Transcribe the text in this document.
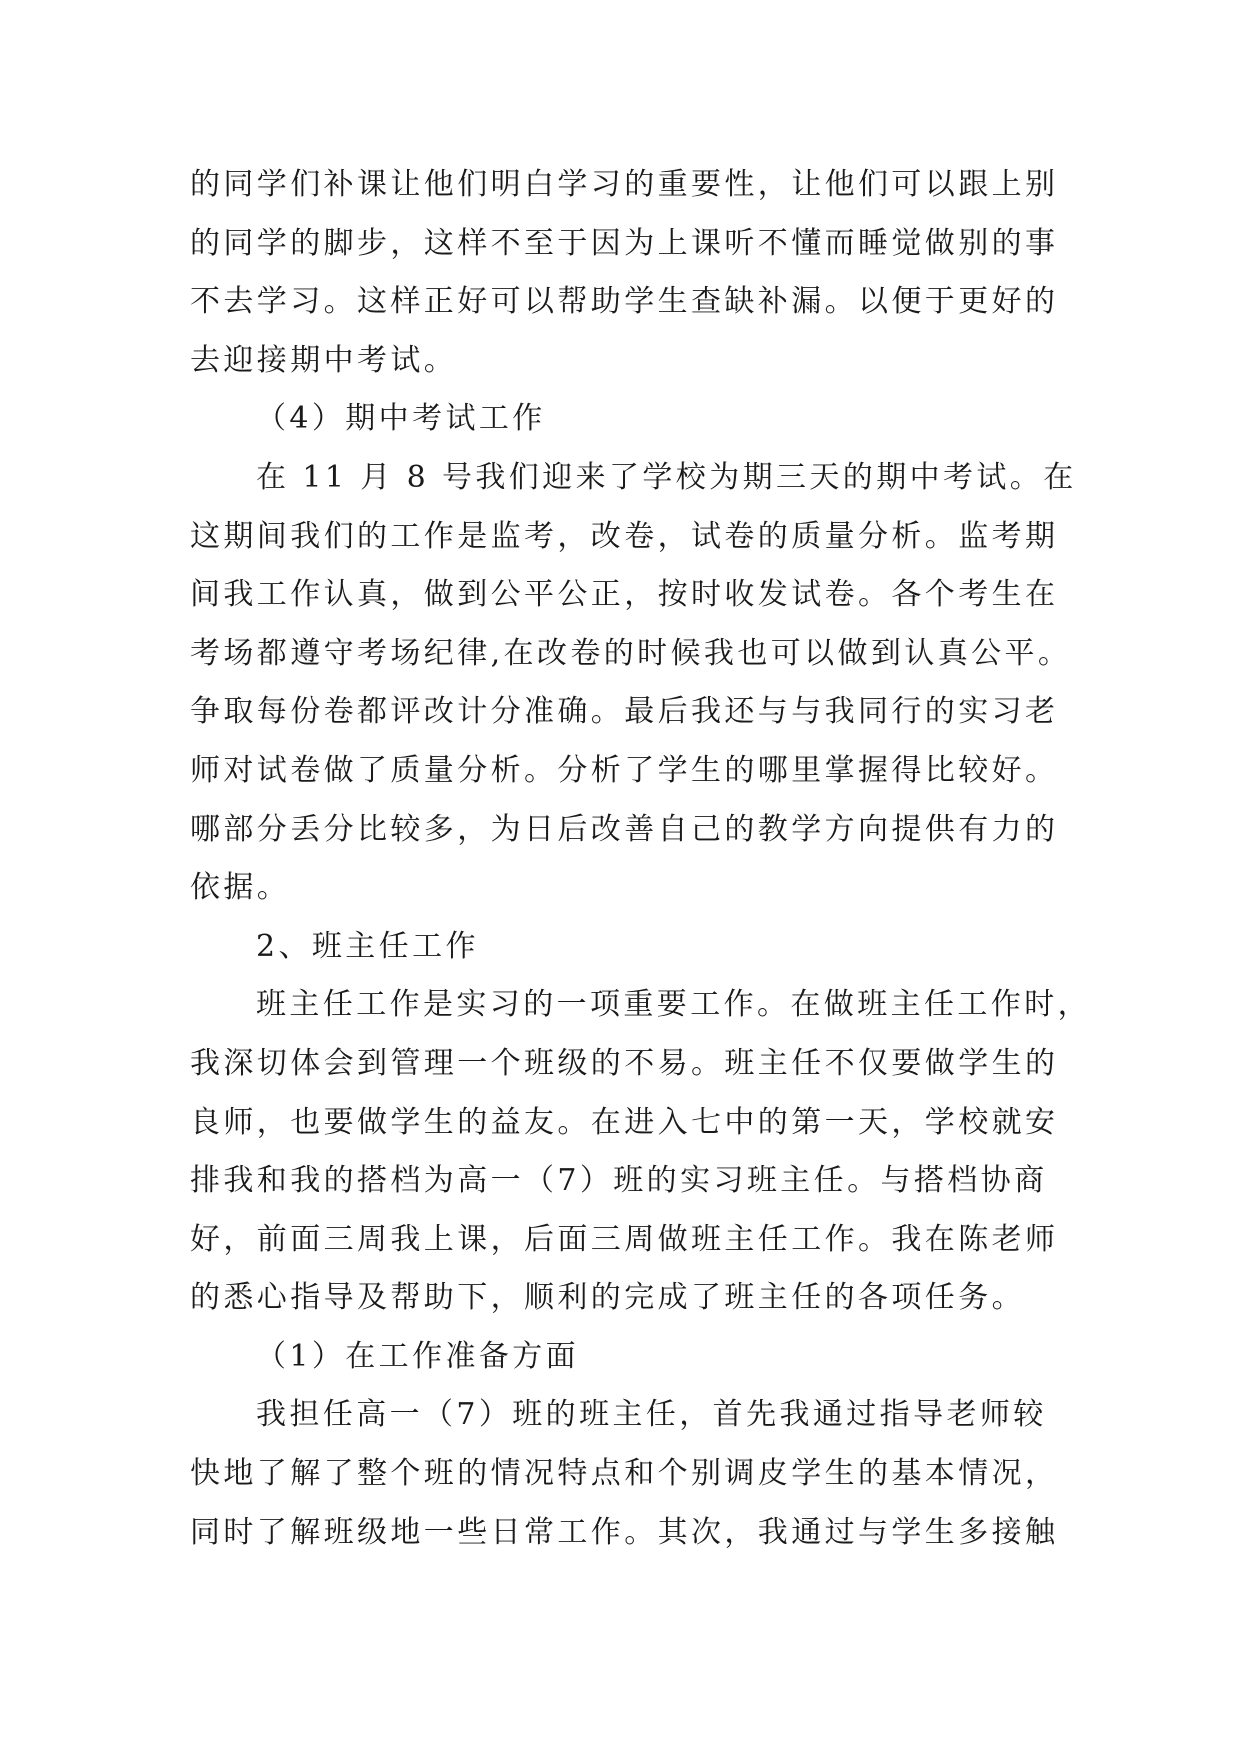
的同学们补课让他们明白学习的重要性，让他们可以跟上别
的同学的脚步，这样不至于因为上课听不懂而睡觉做别的事
不去学习。这样正好可以帮助学生查缺补漏。以便于更好的
去迎接期中考试。
（4）期中考试工作
在 11 月 8 号我们迎来了学校为期三天的期中考试。在
这期间我们的工作是监考，改卷，试卷的质量分析。监考期
间我工作认真，做到公平公正，按时收发试卷。各个考生在
考场都遵守考场纪律,在改卷的时候我也可以做到认真公平。
争取每份卷都评改计分准确。最后我还与与我同行的实习老
师对试卷做了质量分析。分析了学生的哪里掌握得比较好。
哪部分丢分比较多，为日后改善自己的教学方向提供有力的
依据。
2、班主任工作
班主任工作是实习的一项重要工作。在做班主任工作时，
我深切体会到管理一个班级的不易。班主任不仅要做学生的
良师，也要做学生的益友。在进入七中的第一天，学校就安
排我和我的搭档为高一（7）班的实习班主任。与搭档协商
好，前面三周我上课，后面三周做班主任工作。我在陈老师
的悉心指导及帮助下，顺利的完成了班主任的各项任务。
（1）在工作准备方面
我担任高一（7）班的班主任，首先我通过指导老师较
快地了解了整个班的情况特点和个别调皮学生的基本情况，
同时了解班级地一些日常工作。其次，我通过与学生多接触
